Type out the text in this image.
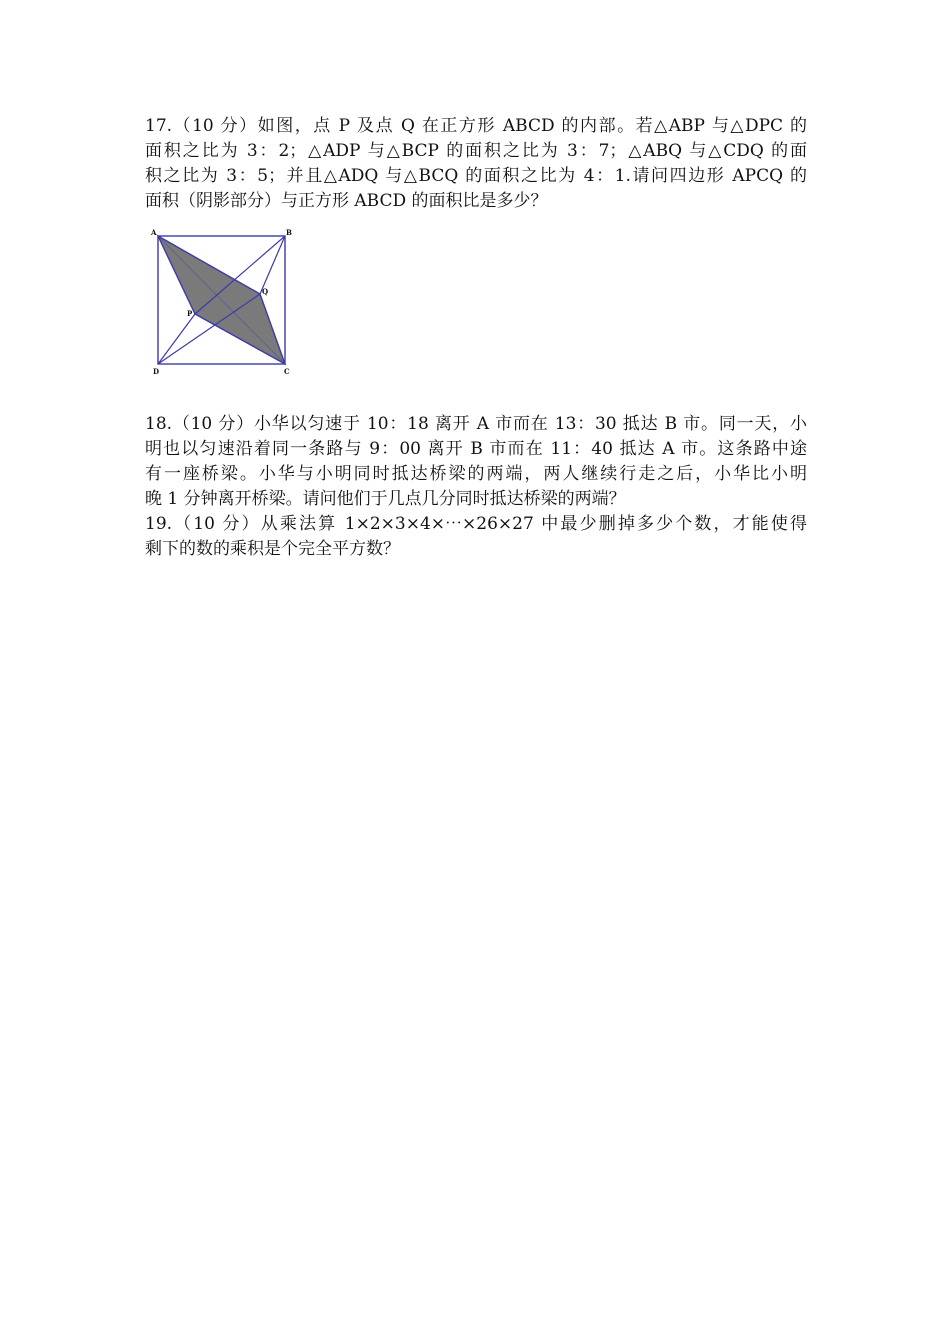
17.（10 分）如图，点 P 及点 Q 在正方形 ABCD 的内部。若△ABP 与△DPC 的
面积之比为 3：2；△ADP 与△BCP 的面积之比为 3：7；△ABQ 与△CDQ 的面
积之比为 3：5；并且△ADQ 与△BCQ 的面积之比为 4：1.请问四边形 APCQ 的
面积（阴影部分）与正方形 ABCD 的面积比是多少？
A	B
C
D
P
Q
18.（10 分）小华以匀速于 10：18 离开 A 市而在 13：30 抵达 B 市。同一天，小
明也以匀速沿着同一条路与 9：00 离开 B 市而在 11：40 抵达 A 市。这条路中途
有一座桥梁。小华与小明同时抵达桥梁的两端，两人继续行走之后，小华比小明
晚 1 分钟离开桥梁。请问他们于几点几分同时抵达桥梁的两端？
19.（10 分）从乘法算 1×2×3×4×⋯×26×27 中最少删掉多少个数，才能使得
剩下的数的乘积是个完全平方数？
